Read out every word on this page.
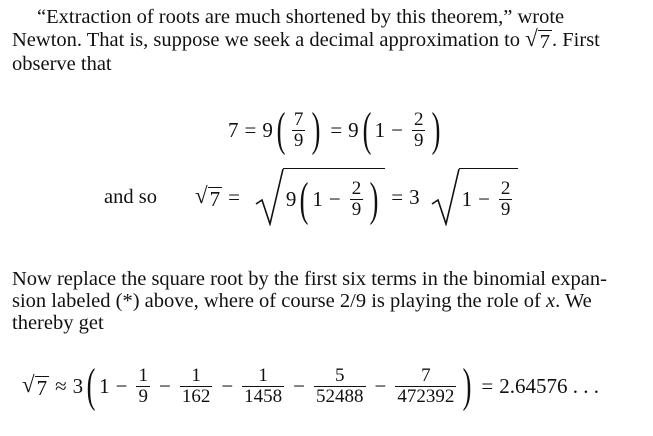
“Extraction of roots are much shortened by this theorem,” wrote
Newton. That is, suppose we seek a decimal approximation to √ 7 . First
observe that
7 = 9 ( $\frac{7}{9}$ ) = 9 ( $1 - \frac{2}{9}$ )
and so √ 7 = 9 ( $1 - \frac{2}{9}$ ) = 3 $1 - \frac{2}{9}$
Now replace the square root by the first six terms in the binomial expan-
sion labeled (*) above, where of course 2/9 is playing the role of x. We
thereby get
√ 7 ≈ 3 ( $1 - \frac{1}{9} - \frac{1}{162} - \frac{1}{1458} - \frac{5}{52488} - \frac{7}{472392}$ ) = 2.64576 . . .
